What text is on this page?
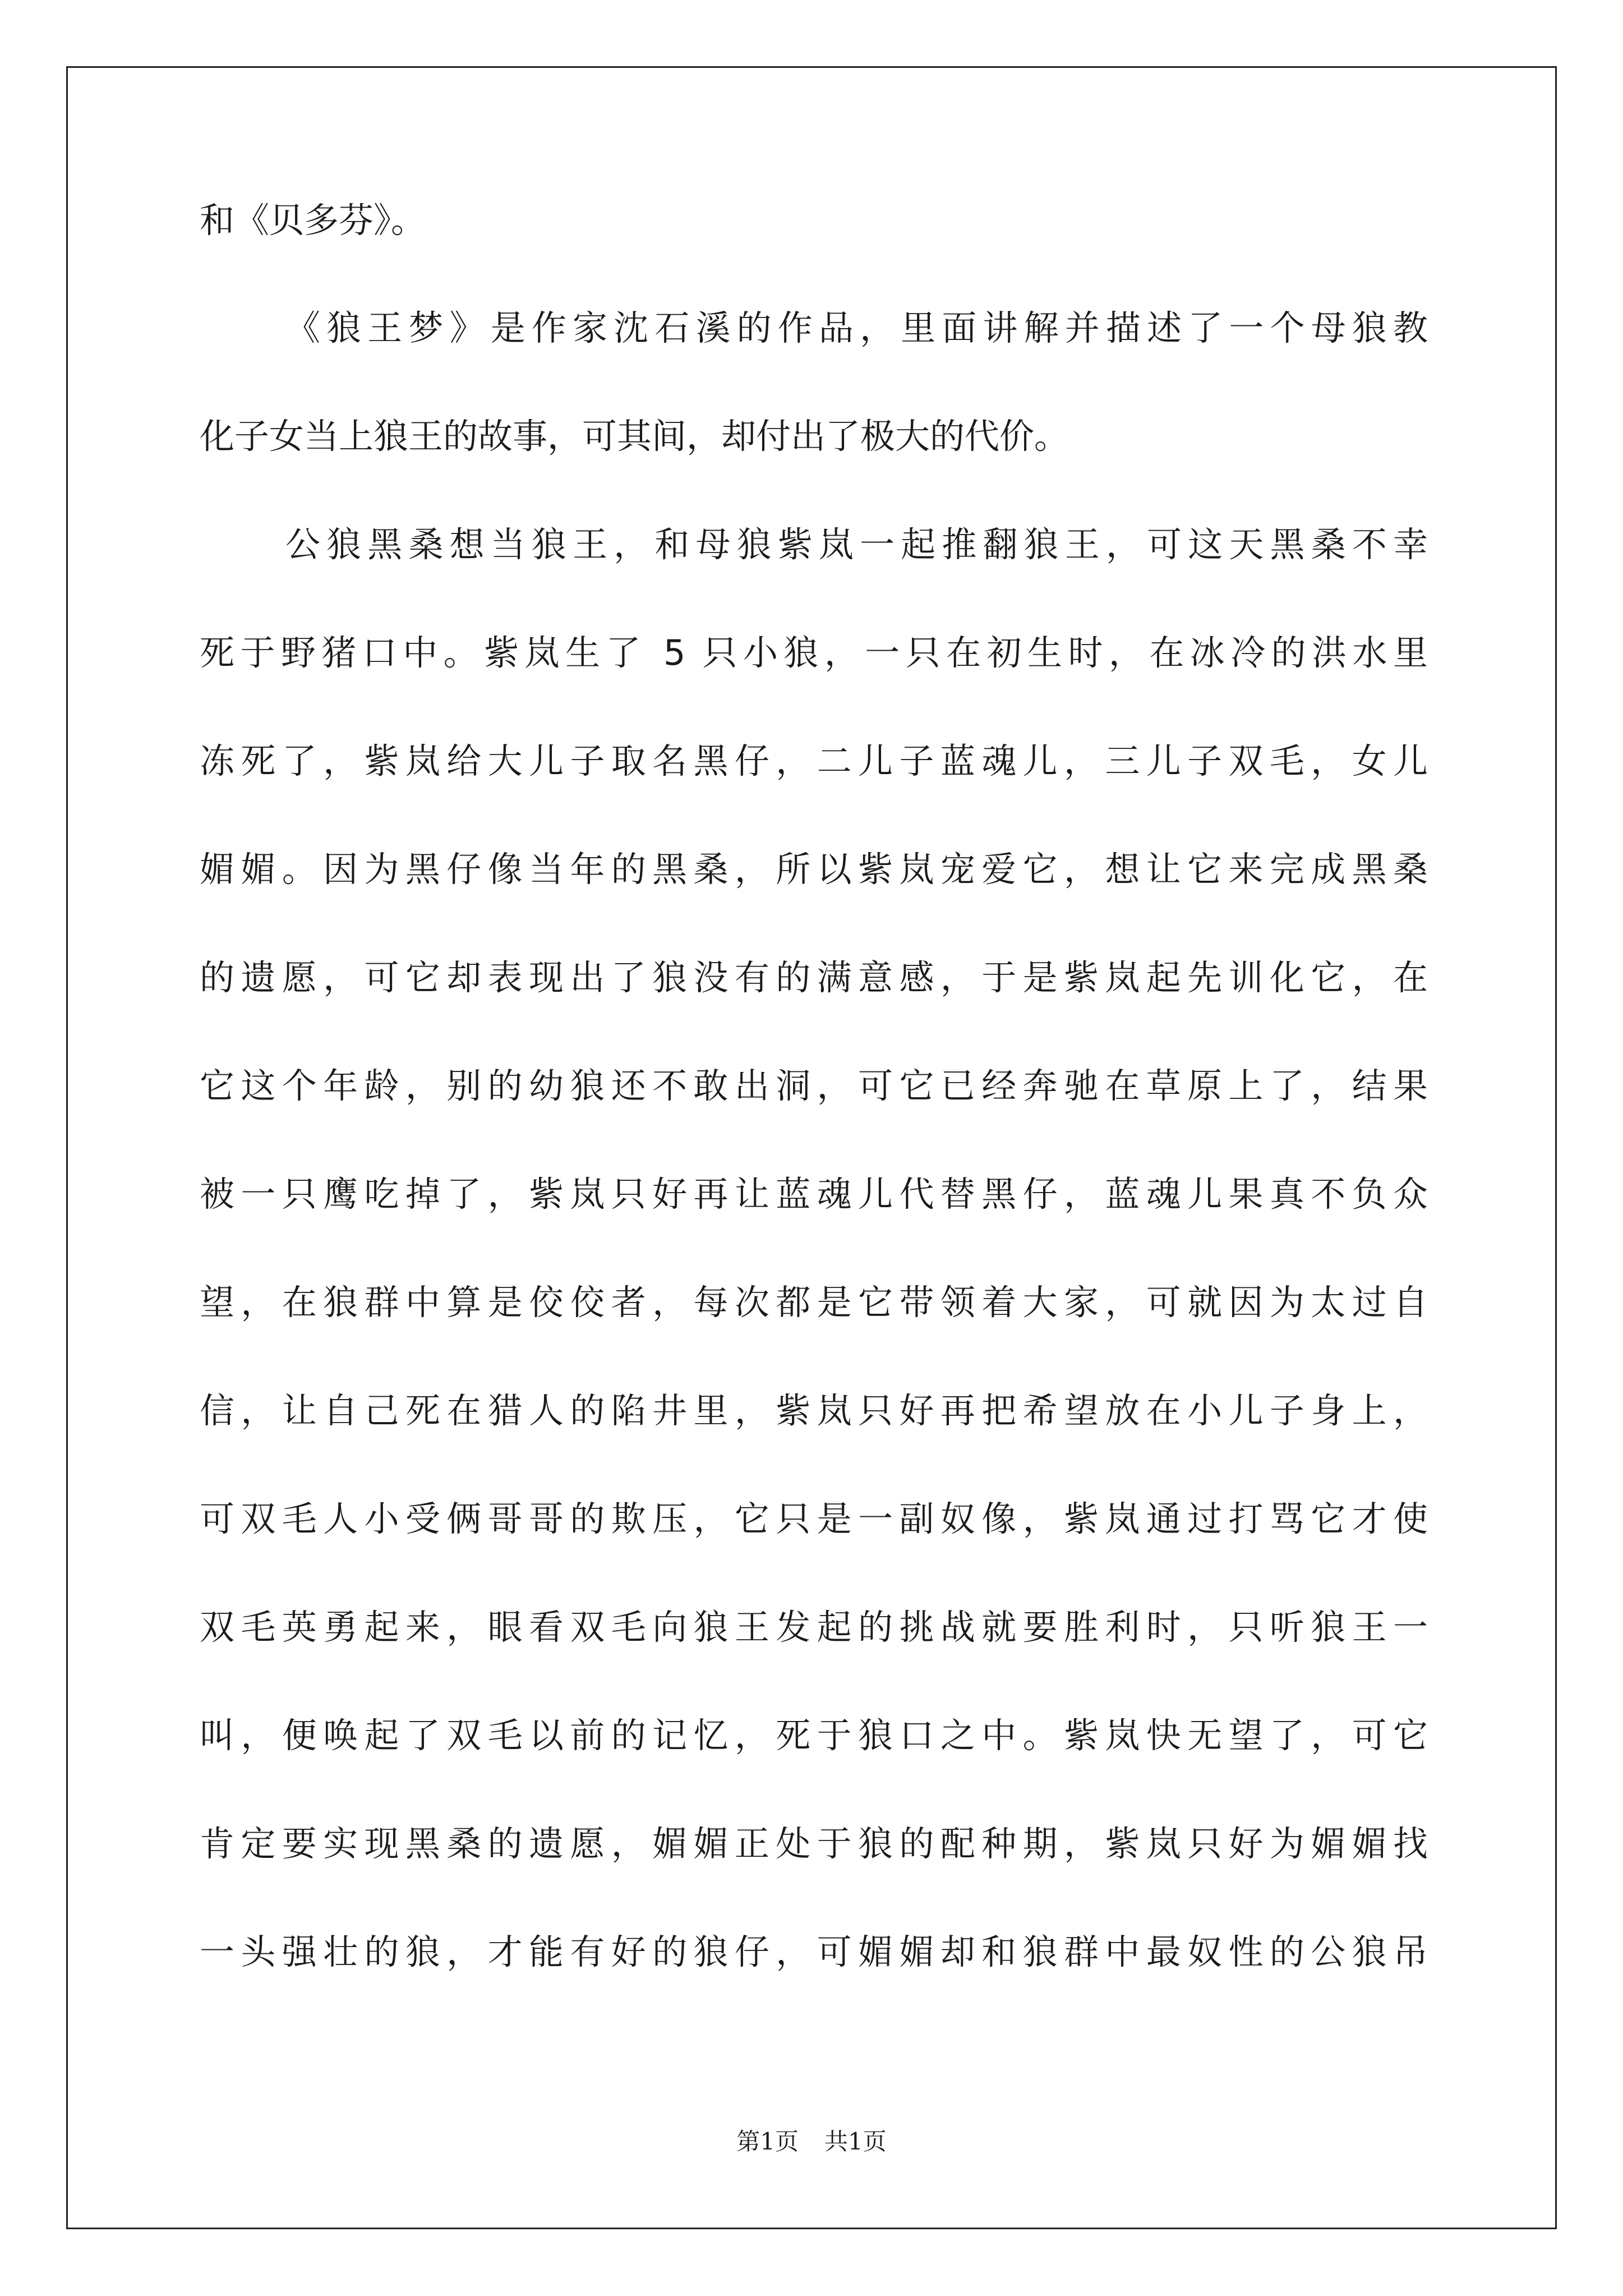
和《贝多芬》。
《狼王梦》是作家沈石溪的作品，里面讲解并描述了一个母狼教
化子女当上狼王的故事，可其间，却付出了极大的代价。
公狼黑桑想当狼王，和母狼紫岚一起推翻狼王，可这天黑桑不幸
死于野猪口中。紫岚生了 5 只小狼，一只在初生时，在冰冷的洪水里
冻死了，紫岚给大儿子取名黑仔，二儿子蓝魂儿，三儿子双毛，女儿
媚媚。因为黑仔像当年的黑桑，所以紫岚宠爱它，想让它来完成黑桑
的遗愿，可它却表现出了狼没有的满意感，于是紫岚起先训化它，在
它这个年龄，别的幼狼还不敢出洞，可它已经奔驰在草原上了，结果
被一只鹰吃掉了，紫岚只好再让蓝魂儿代替黑仔，蓝魂儿果真不负众
望，在狼群中算是佼佼者，每次都是它带领着大家，可就因为太过自
信，让自己死在猎人的陷井里，紫岚只好再把希望放在小儿子身上，
可双毛人小受俩哥哥的欺压，它只是一副奴像，紫岚通过打骂它才使
双毛英勇起来，眼看双毛向狼王发起的挑战就要胜利时，只听狼王一
叫，便唤起了双毛以前的记忆，死于狼口之中。紫岚快无望了，可它
肯定要实现黑桑的遗愿，媚媚正处于狼的配种期，紫岚只好为媚媚找
一头强壮的狼，才能有好的狼仔，可媚媚却和狼群中最奴性的公狼吊
第1页 共1页
